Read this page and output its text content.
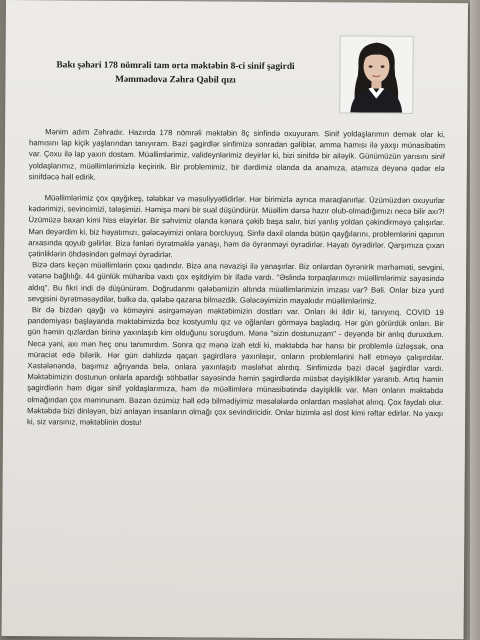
Bakı şəhəri 178 nömrəli tam orta məktəbin 8-ci sinif şagirdi
Məmmədova Zəhra Qabil qızı

Mənim adım Zəhradır. Hazırda 178 nömrəli məktəbin 8ç sinfində oxuyuram. Sinif yoldaşlarımın demək olar ki, hamısını lap kiçik yaşlarından tanıyıram. Bəzi şagirdlər sinfimizə sonradan gəliblər, amma hamısı ilə yaxşı münasibətim var. Çoxu ilə lap yaxın dostam. Müəllimlərimiz, valideynlərimiz deyirlər ki, bizi sinifdə bir ailəyik. Günümüzün yarısını sinif yoldaşlarımız, müəllimlərimizlə keçiririk. Bir problemimiz, bir dərdimiz olanda da anamıza, atamıza deyənə qədər elə sinifdəcə həll edirik.

Müəllimlərimiz çox qayğıkeş, tələbkar və məsuliyyətlidirlər. Hər birimizlə ayrıca maraqlanırlar. Üzümüzdən oxuyurlar kədərimizi, sevincimizi, tələşimizi. Həmişə məni bir sual düşündürür. Müəllim dərsə hazır olub-olmadığımızı necə bilir axı?! Üzümüzə baxan kimi hiss eləyirlər. Bir səhvimiz olanda kənara çəkib başa salır, bizi yanlış yoldan çəkindirməyə çalışırlar. Mən deyərdim ki, biz həyatımızı, gələcəyimizi onlara borcluyuq. Sinfə daxil olanda bütün qayğılarını, problemlərini qapının arxasında qoyub gəlirlər. Bizə fənləri öyrətməklə yanaşı, həm də öyrənməyi öyrədirlər. Həyatı öyrədirlər. Qarşımıza çıxan çətinliklərin öhdəsindən gəlməyi öyrədirlər.

Bizə dərs keçən müəllimlərin çoxu qadındır. Bizə ana nəvazişi ilə yanaşırlar. Biz onlardan öyrənirik mərhəməti, sevgini, vətənə bağlılığı. 44 günlük müharibə vaxtı çox eşitdiyim bir ifadə vardı. "Əslində torpaqlarımızı müəllimlərimiz sayəsində aldıq". Bu fikri indi də düşünürəm. Doğrudanmı qələbəmizin altında müəllimlərimizin imzası var? Bəli. Onlar bizə yurd sevgisini öyrətməsəydilər, bəlkə də, qələbə qazana bilməzdik. Gələcəyimizin mayakıdır müəllimlərimiz.

Bir də bizdən qayğı və köməyini əsirgəməyən məktəbimizin dostları var. Onları iki ildir ki, tanıyırıq. COVID 19 pandemiyası başlayanda məktəbimizdə boz kostyumlu qız və oğlanları görməyə başladıq. Hər gün görürdük onları. Bir gün həmin qızlardan birinə yaxınlaşıb kim olduğunu soruşdum. Mənə "sizin dostunuzam" - deyəndə bir anlıq duruxdum. Necə yəni, axı mən heç onu tanımırdım. Sonra qız mənə izah etdi ki, məktəbdə hər hansı bir problemlə üzləşsək, ona müraciət edə bilərik. Hər gün dəhlizdə qaçan şagirdlərə yaxınlaşır, onların problemlərini həll etməyə çalışırdılar. Xəstələnəndə, başımız ağrıyanda belə, onlara yaxınlaşıb məsləhət alırdıq. Sinfimizdə bəzi dəcəl şagirdlər vardı. Məktəbimizin dostunun onlarla apardığı söhbətlər sayəsində həmin şagirdlərdə müsbət dəyişikliklər yaranıb. Artıq həmin şagirdlərin həm digər sinif yoldaşlarımıza, həm də müəllimlərə münasibətində dəyişiklik var. Mən onların məktəbdə olmağından çox məmnunam. Bəzən özümüz həll edə bilmədiyimiz məsələlərdə onlardan məsləhət alırıq. Çox faydalı olur. Məktəbdə bizi dinləyən, bizi anlayan insanların olmağı çox sevindiricidir. Onlar bizimlə əsl dost kimi rəftar edirlər. Nə yaxşı ki, siz varsınız, məktəblinin dostu!
